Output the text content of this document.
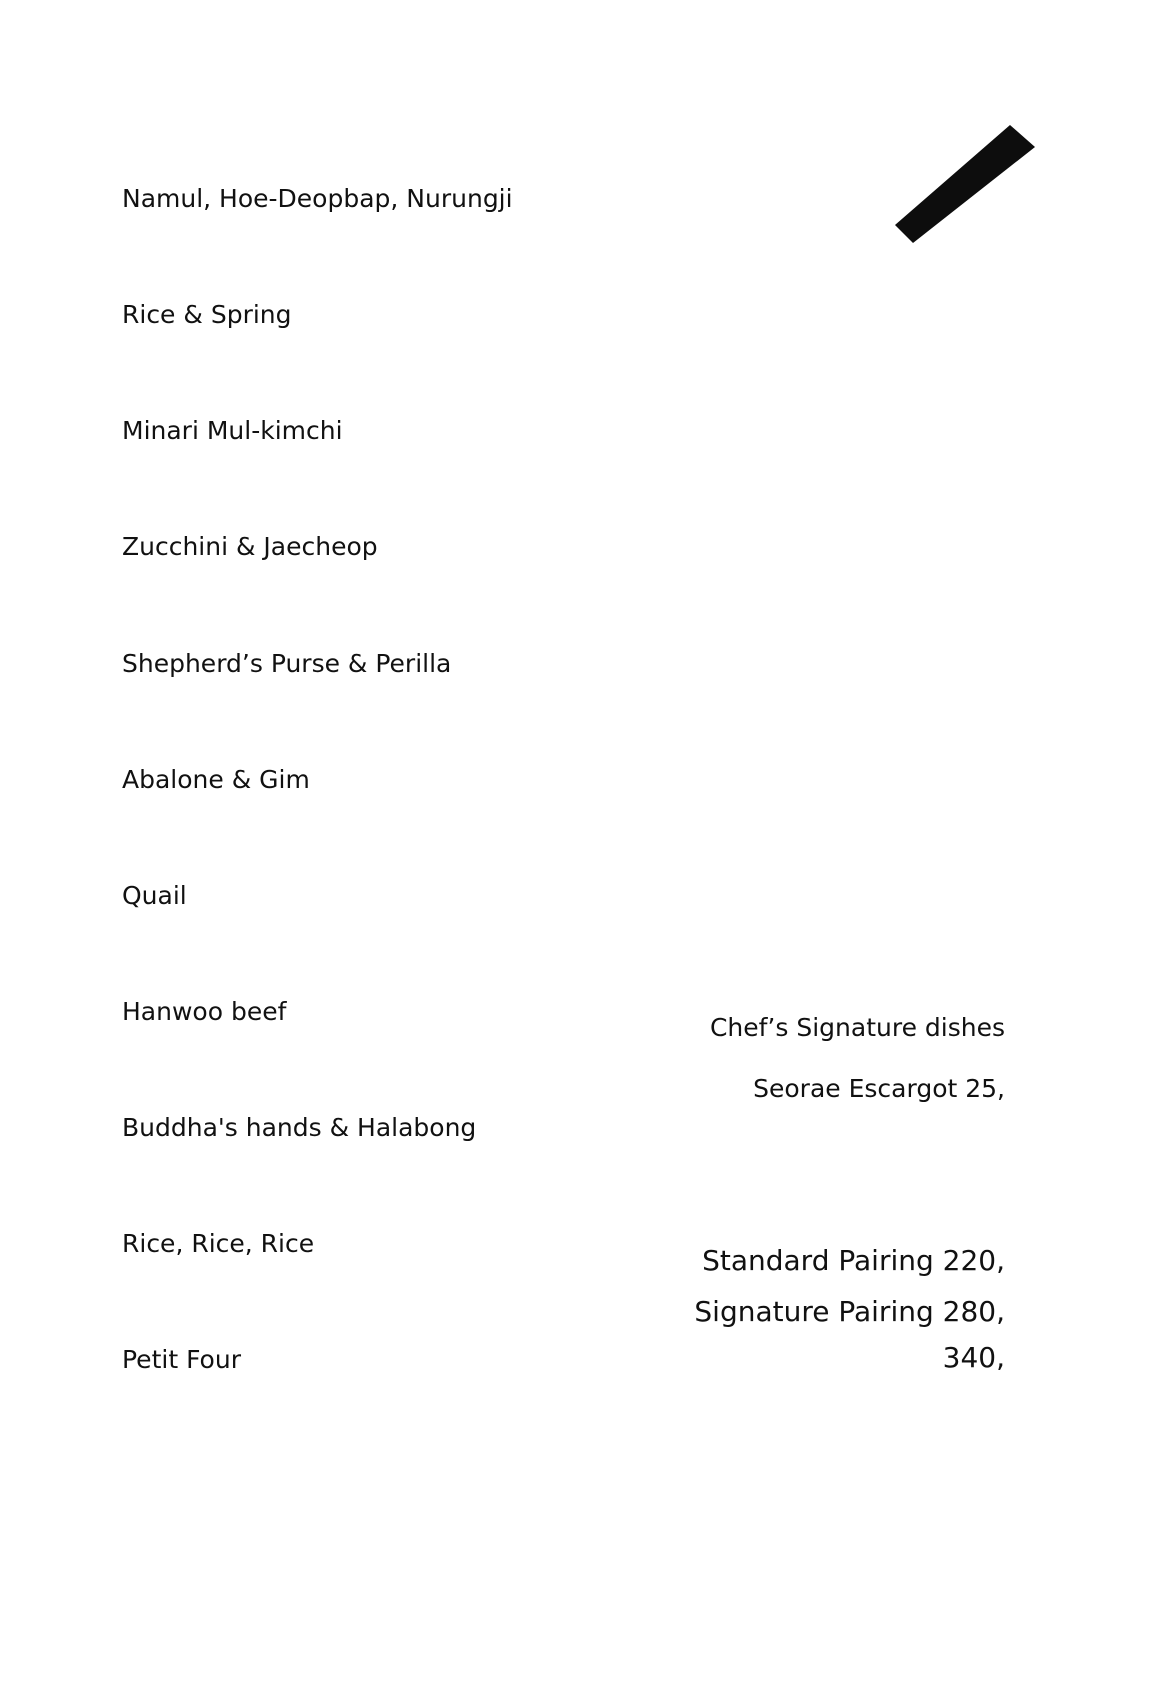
Namul, Hoe-Deopbap, Nurungji
Rice & Spring
Minari Mul-kimchi
Zucchini & Jaecheop
Shepherd’s Purse & Perilla
Abalone & Gim
Quail
Hanwoo beef
Buddha's hands & Halabong
Rice, Rice, Rice
Petit Four
Chef’s Signature dishes
Seorae Escargot 25,
Standard Pairing 220,
Signature Pairing 280,
340,
